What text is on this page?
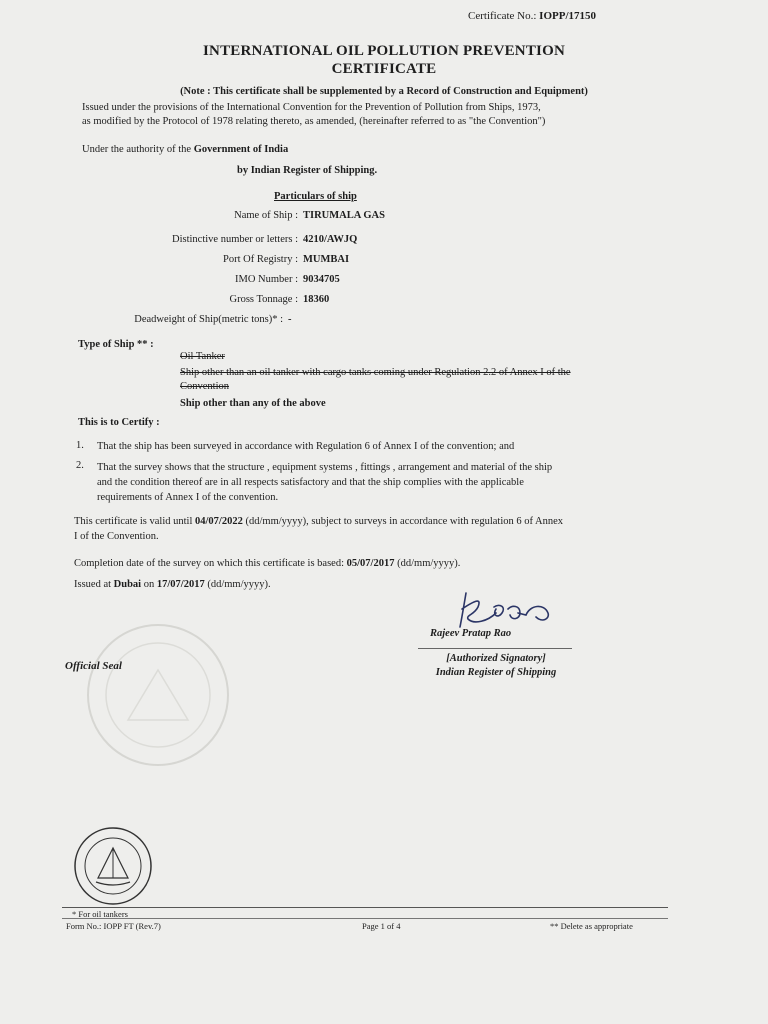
Certificate No.: IOPP/17150
INTERNATIONAL OIL POLLUTION PREVENTION
CERTIFICATE
(Note : This certificate shall be supplemented by a Record of Construction and Equipment)
Issued under the provisions of the International Convention for the Prevention of Pollution from Ships, 1973,
as modified by the Protocol of 1978 relating thereto, as amended, (hereinafter referred to as "the Convention")
Under the authority of the Government of India
by Indian Register of Shipping.
Particulars of ship
Name of Ship : TIRUMALA GAS
Distinctive number or letters : 4210/AWJQ
Port Of Registry : MUMBAI
IMO Number : 9034705
Gross Tonnage : 18360
Deadweight of Ship(metric tons)* : -
Type of Ship ** :
Oil Tanker
Ship other than an oil tanker with cargo tanks coming under Regulation 2.2 of Annex I of the
Convention
Ship other than any of the above
This is to Certify :
1. That the ship has been surveyed in accordance with Regulation 6 of Annex I of the convention; and
2. That the survey shows that the structure , equipment systems , fittings , arrangement and material of the ship
and the condition thereof are in all respects satisfactory and that the ship complies with the applicable
requirements of Annex I of the convention.
This certificate is valid until 04/07/2022 (dd/mm/yyyy), subject to surveys in accordance with regulation 6 of Annex
I of the Convention.
Completion date of the survey on which this certificate is based: 05/07/2017 (dd/mm/yyyy).
Issued at Dubai on 17/07/2017 (dd/mm/yyyy).
Official Seal
Rajeev Pratap Rao
[Authorized Signatory]
Indian Register of Shipping
* For oil tankers
Form No.: IOPP FT (Rev.7)	Page 1 of 4	** Delete as appropriate
